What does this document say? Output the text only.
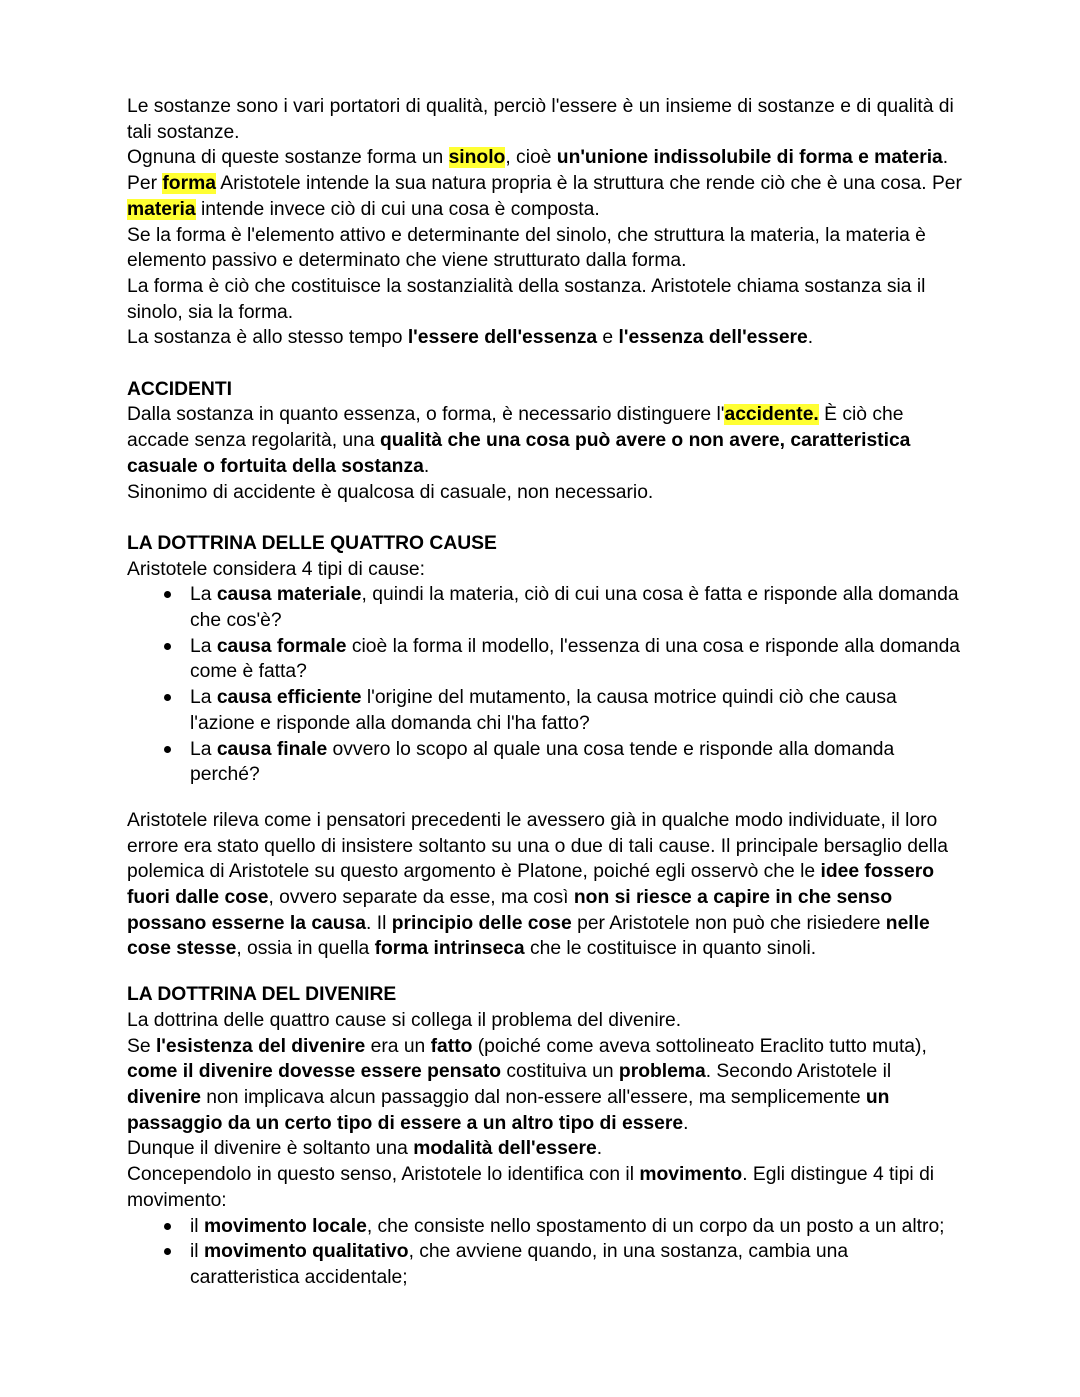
Le sostanze sono i vari portatori di qualità, perciò l'essere è un insieme di sostanze e di qualità di tali sostanze.

Ognuna di queste sostanze forma un sinolo, cioè un'unione indissolubile di forma e materia. Per forma Aristotele intende la sua natura propria è la struttura che rende ciò che è una cosa. Per materia intende invece ciò di cui una cosa è composta.

Se la forma è l'elemento attivo e determinante del sinolo, che struttura la materia, la materia è elemento passivo e determinato che viene strutturato dalla forma.

La forma è ciò che costituisce la sostanzialità della sostanza. Aristotele chiama sostanza sia il sinolo, sia la forma.

La sostanza è allo stesso tempo l'essere dell'essenza e l'essenza dell'essere.

ACCIDENTI

Dalla sostanza in quanto essenza, o forma, è necessario distinguere l'accidente. È ciò che accade senza regolarità, una qualità che una cosa può avere o non avere, caratteristica casuale o fortuita della sostanza.

Sinonimo di accidente è qualcosa di casuale, non necessario.

LA DOTTRINA DELLE QUATTRO CAUSE

Aristotele considera 4 tipi di cause:

La causa materiale, quindi la materia, ciò di cui una cosa è fatta e risponde alla domanda che cos'è?
La causa formale cioè la forma il modello, l'essenza di una cosa e risponde alla domanda come è fatta?
La causa efficiente l'origine del mutamento, la causa motrice quindi ciò che causa l'azione e risponde alla domanda chi l'ha fatto?
La causa finale ovvero lo scopo al quale una cosa tende e risponde alla domanda perché?

Aristotele rileva come i pensatori precedenti le avessero già in qualche modo individuate, il loro errore era stato quello di insistere soltanto su una o due di tali cause. Il principale bersaglio della polemica di Aristotele su questo argomento è Platone, poiché egli osservò che le idee fossero fuori dalle cose, ovvero separate da esse, ma così non si riesce a capire in che senso possano esserne la causa. Il principio delle cose per Aristotele non può che risiedere nelle cose stesse, ossia in quella forma intrinseca che le costituisce in quanto sinoli.

LA DOTTRINA DEL DIVENIRE

La dottrina delle quattro cause si collega il problema del divenire.

Se l'esistenza del divenire era un fatto (poiché come aveva sottolineato Eraclito tutto muta), come il divenire dovesse essere pensato costituiva un problema. Secondo Aristotele il divenire non implicava alcun passaggio dal non-essere all'essere, ma semplicemente un passaggio da un certo tipo di essere a un altro tipo di essere.

Dunque il divenire è soltanto una modalità dell'essere.

Concependolo in questo senso, Aristotele lo identifica con il movimento. Egli distingue 4 tipi di movimento:

il movimento locale, che consiste nello spostamento di un corpo da un posto a un altro;
il movimento qualitativo, che avviene quando, in una sostanza, cambia una caratteristica accidentale;
